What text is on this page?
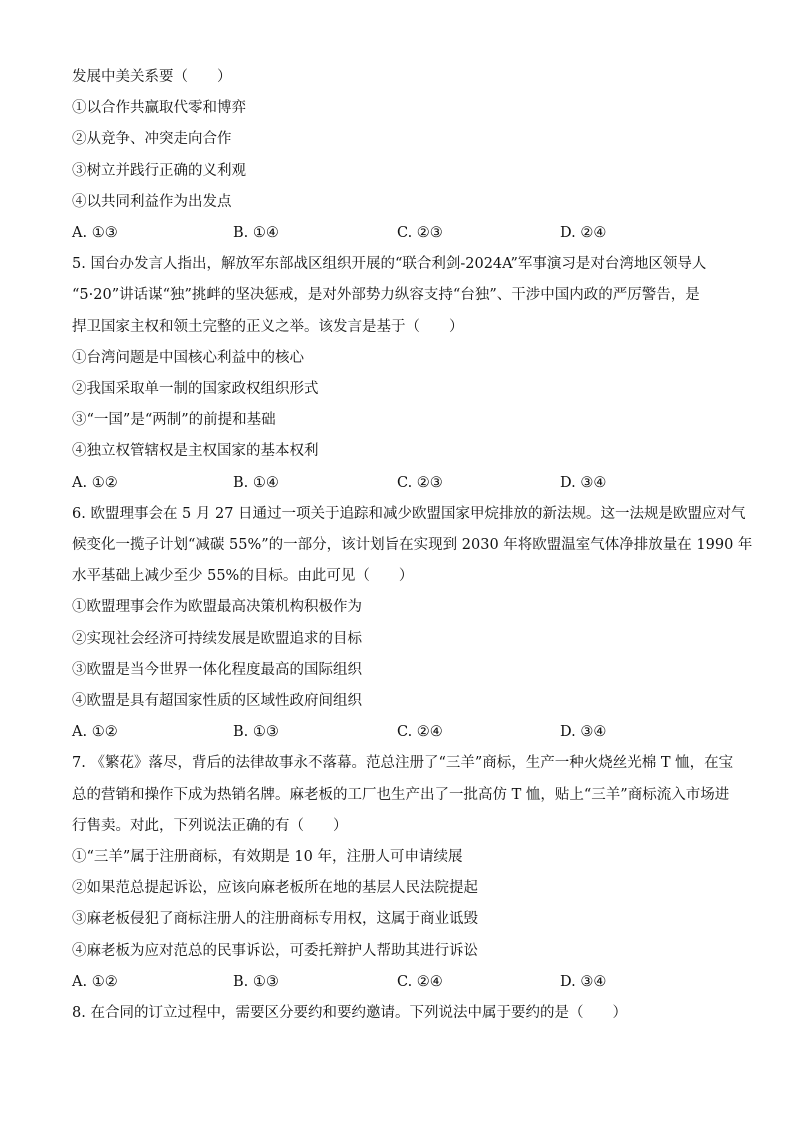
发展中美关系要（　　）
①以合作共赢取代零和博弈
②从竞争、冲突走向合作
③树立并践行正确的义利观
④以共同利益作为出发点
A. ①③	B. ①④	C. ②③	D. ②④
5. 国台办发言人指出，解放军东部战区组织开展的“联合利剑-2024A”军事演习是对台湾地区领导人
“5·20”讲话谋“独”挑衅的坚决惩戒，是对外部势力纵容支持“台独”、干涉中国内政的严厉警告，是
捍卫国家主权和领土完整的正义之举。该发言是基于（　　）
①台湾问题是中国核心利益中的核心
②我国采取单一制的国家政权组织形式
③“一国”是“两制”的前提和基础
④独立权管辖权是主权国家的基本权利
A. ①②	B. ①④	C. ②③	D. ③④
6. 欧盟理事会在 5 月 27 日通过一项关于追踪和减少欧盟国家甲烷排放的新法规。这一法规是欧盟应对气
候变化一揽子计划“减碳 55%”的一部分，该计划旨在实现到 2030 年将欧盟温室气体净排放量在 1990 年
水平基础上减少至少 55%的目标。由此可见（　　）
①欧盟理事会作为欧盟最高决策机构积极作为
②实现社会经济可持续发展是欧盟追求的目标
③欧盟是当今世界一体化程度最高的国际组织
④欧盟是具有超国家性质的区域性政府间组织
A. ①②	B. ①③	C. ②④	D. ③④
7. 《繁花》落尽，背后的法律故事永不落幕。范总注册了“三羊”商标，生产一种火烧丝光棉 T 恤，在宝
总的营销和操作下成为热销名牌。麻老板的工厂也生产出了一批高仿 T 恤，贴上“三羊”商标流入市场进
行售卖。对此，下列说法正确的有（　　）
①“三羊”属于注册商标，有效期是 10 年，注册人可申请续展
②如果范总提起诉讼，应该向麻老板所在地的基层人民法院提起
③麻老板侵犯了商标注册人的注册商标专用权，这属于商业诋毁
④麻老板为应对范总的民事诉讼，可委托辩护人帮助其进行诉讼
A. ①②	B. ①③	C. ②④	D. ③④
8. 在合同的订立过程中，需要区分要约和要约邀请。下列说法中属于要约的是（　　）
